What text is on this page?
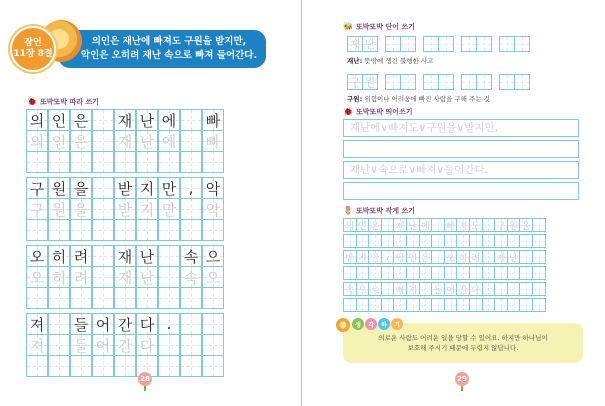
의인은 재난에 빠져도 구원을 받지만,
악인은 오히려 재난 속으로 빠져 들어간다.
잠언
11장 8절
🐞 또박또박 따라 쓰기
의 인 은 재 난 에 빠
의 인 은 재 난 에 빠
구 원 을 받 지 만 , 악
구 원 을 받 지 만 악
오 히 려 재 난 속 으
오 히 려 재 난 속 으
져 들 어 간 다 .
져 들 어 간 다
28
🐝 또박또박 단어 쓰기
재 난
재난: 뜻밖에 생긴 불행한 사고
구 원
구원: 위험이나 어려움에 빠진 사람을 구해 주는 것
🐞 또박또박 띄어쓰기
재난에∨빠져도∨구원을∨받지만,
재난∨속으로∨빠져∨들어간다.
🌷 또박또박 작게 쓰기
의 인 은 재 난 에 빠 져 도 구 원 을
받 지 만 , 악 인 은 오 히 려 재 난
속 으 로 빠 져 들 어 간 다 .
의로운 사람도 어려운 일을 당할 수 있어요. 하지만 하나님이
보호해 주시기 때문에 두렵지 않답니다.
생	각	하	기
29
